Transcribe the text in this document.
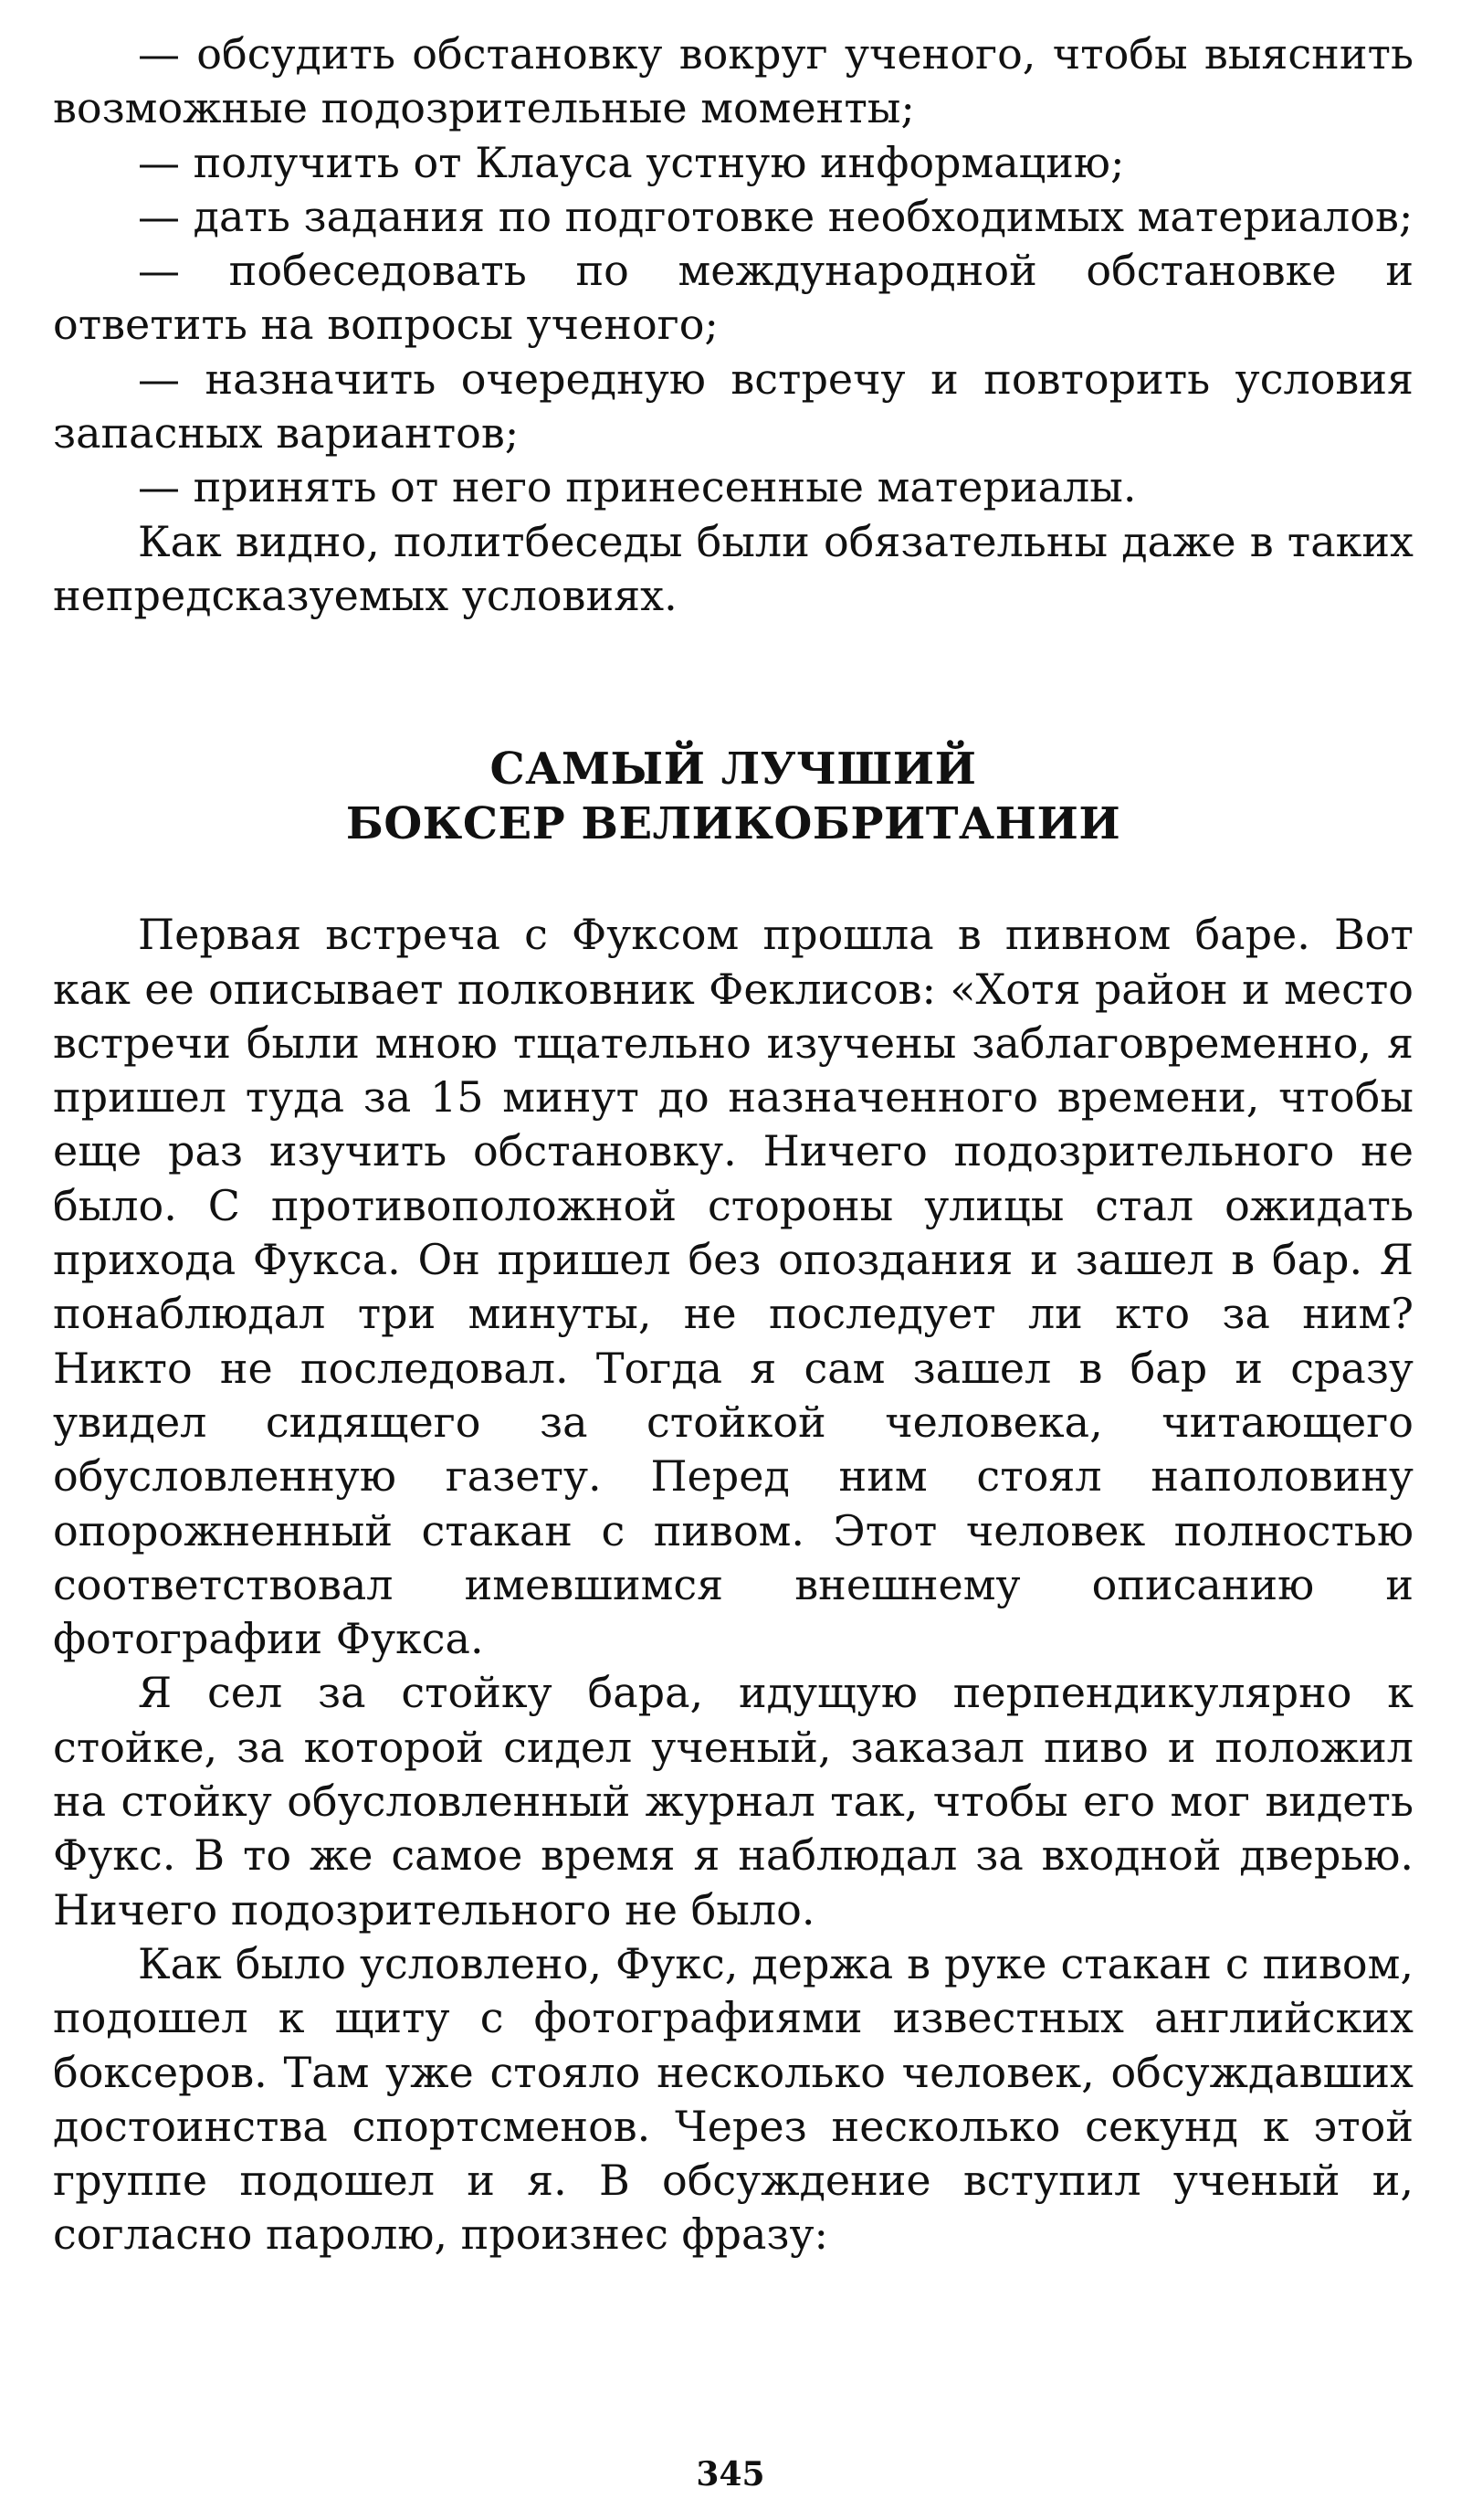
— обсудить обстановку вокруг ученого, чтобы выяснить возможные подозрительные моменты;

— получить от Клауса устную информацию;

— дать задания по подготовке необходимых материалов;

— побеседовать по международной обстановке и ответить на вопросы ученого;

— назначить очередную встречу и повторить условия запасных вариантов;

— принять от него принесенные материалы.

Как видно, политбеседы были обязательны даже в таких непредсказуемых условиях.

САМЫЙ ЛУЧШИЙ
БОКСЕР ВЕЛИКОБРИТАНИИ

Первая встреча с Фуксом прошла в пивном баре. Вот как ее описывает полковник Феклисов: «Хотя район и место встречи были мною тщательно изучены заблаговременно, я пришел туда за 15 минут до назначенного времени, чтобы еще раз изучить обстановку. Ничего подозрительного не было. С противоположной стороны улицы стал ожидать прихода Фукса. Он пришел без опоздания и зашел в бар. Я понаблюдал три минуты, не последует ли кто за ним? Никто не последовал. Тогда я сам зашел в бар и сразу увидел сидящего за стойкой человека, читающего обусловленную газету. Перед ним стоял наполовину опорожненный стакан с пивом. Этот человек полностью соответствовал имевшимся внешнему описанию и фотографии Фукса.

Я сел за стойку бара, идущую перпендикулярно к стойке, за которой сидел ученый, заказал пиво и положил на стойку обусловленный журнал так, чтобы его мог видеть Фукс. В то же самое время я наблюдал за входной дверью. Ничего подозрительного не было.

Как было условлено, Фукс, держа в руке стакан с пивом, подошел к щиту с фотографиями известных английских боксеров. Там уже стояло несколько человек, обсуждавших достоинства спортсменов. Через несколько секунд к этой группе подошел и я. В обсуждение вступил ученый и, согласно паролю, произнес фразу:

345
